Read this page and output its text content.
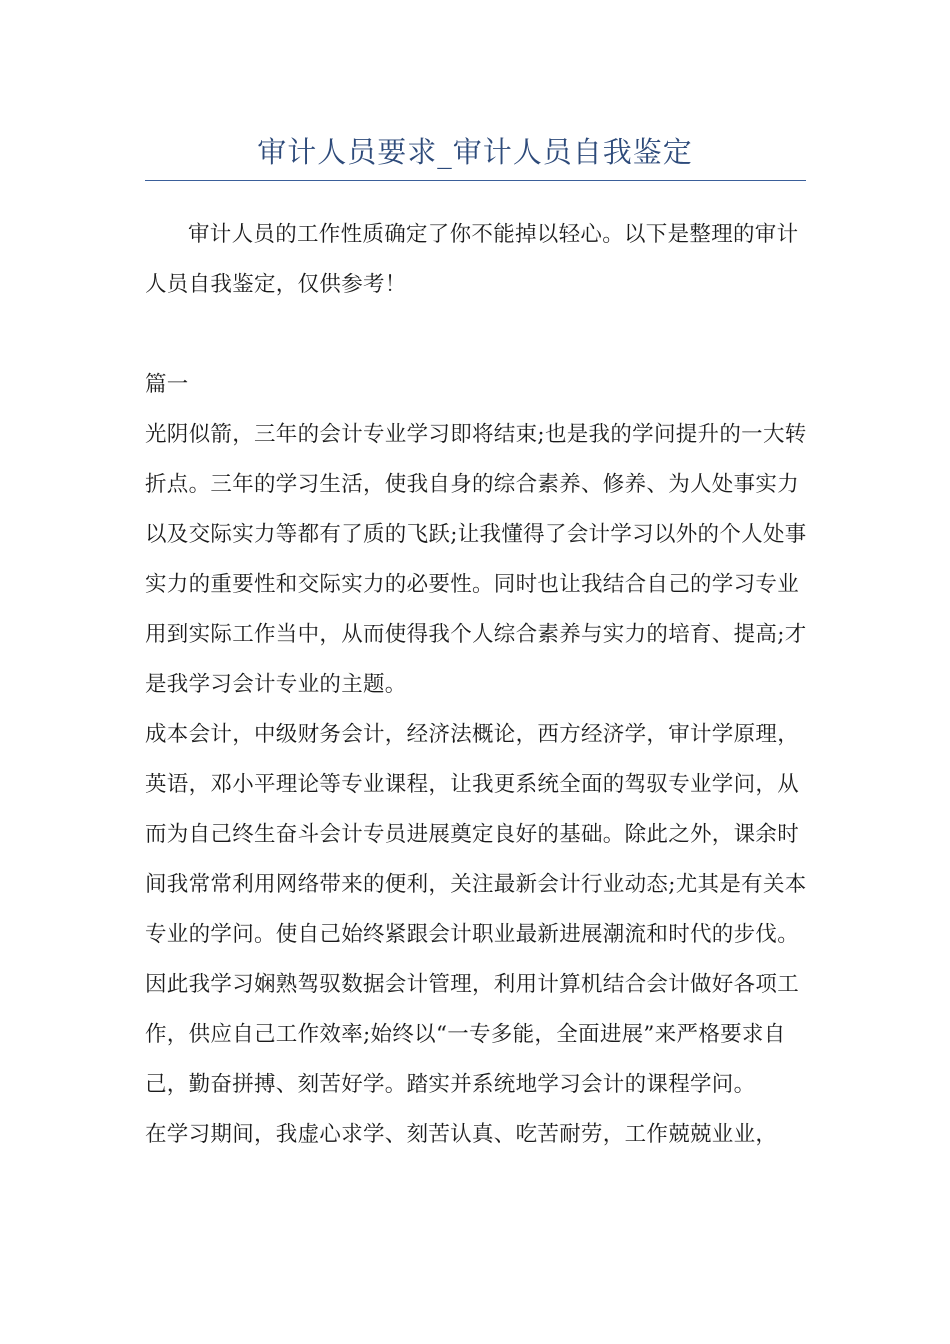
审计人员要求_审计人员自我鉴定

审计人员的工作性质确定了你不能掉以轻心。以下是整理的审计人员自我鉴定，仅供参考！

篇一

光阴似箭，三年的会计专业学习即将结束;也是我的学问提升的一大转折点。三年的学习生活，使我自身的综合素养、修养、为人处事实力以及交际实力等都有了质的飞跃;让我懂得了会计学习以外的个人处事实力的重要性和交际实力的必要性。同时也让我结合自己的学习专业用到实际工作当中，从而使得我个人综合素养与实力的培育、提高;才是我学习会计专业的主题。

成本会计，中级财务会计，经济法概论，西方经济学，审计学原理，英语，邓小平理论等专业课程，让我更系统全面的驾驭专业学问，从而为自己终生奋斗会计专员进展奠定良好的基础。除此之外，课余时间我常常利用网络带来的便利，关注最新会计行业动态;尤其是有关本专业的学问。使自己始终紧跟会计职业最新进展潮流和时代的步伐。因此我学习娴熟驾驭数据会计管理，利用计算机结合会计做好各项工作，供应自己工作效率;始终以“一专多能，全面进展”来严格要求自己，勤奋拼搏、刻苦好学。踏实并系统地学习会计的课程学问。

在学习期间，我虚心求学、刻苦认真、吃苦耐劳，工作兢兢业业，
